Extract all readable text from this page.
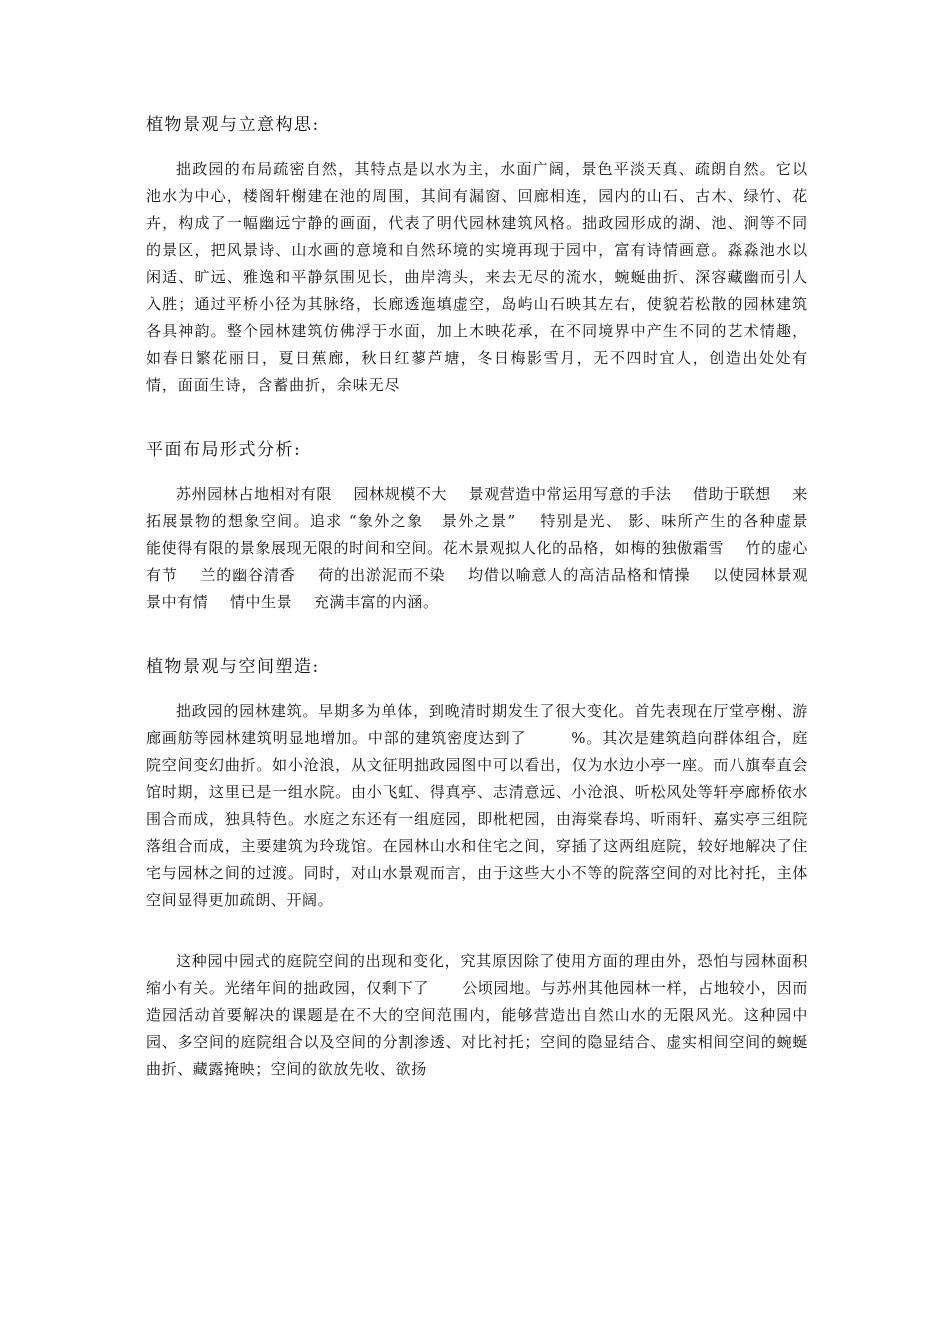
植物景观与立意构思:

拙政园的布局疏密自然，其特点是以水为主，水面广阔，景色平淡天真、疏朗自然。它以池水为中心，楼阁轩榭建在池的周围，其间有漏窗、回廊相连，园内的山石、古木、绿竹、花卉，构成了一幅幽远宁静的画面，代表了明代园林建筑风格。拙政园形成的湖、池、涧等不同的景区，把风景诗、山水画的意境和自然环境的实境再现于园中，富有诗情画意。淼淼池水以闲适、旷远、雅逸和平静氛围见长，曲岸湾头，来去无尽的流水，蜿蜒曲折、深容藏幽而引人入胜；通过平桥小径为其脉络，长廊透迤填虚空，岛屿山石映其左右，使貌若松散的园林建筑各具神韵。整个园林建筑仿佛浮于水面，加上木映花承，在不同境界中产生不同的艺术情趣，如春日繁花丽日，夏日蕉廊，秋日红蓼芦塘，冬日梅影雪月，无不四时宜人，创造出处处有情，面面生诗，含蓄曲折，余味无尽

平面布局形式分析:

苏州园林占地相对有限    园林规模不大    景观营造中常运用写意的手法    借助于联想    来拓展景物的想象空间。追求 “象外之象   景外之景”    特别是光、 影、味所产生的各种虚景    能使得有限的景象展现无限的时间和空间。花木景观拟人化的品格，如梅的独傲霜雪    竹的虚心有节    兰的幽谷清香    荷的出淤泥而不染    均借以喻意人的高洁品格和情操    以使园林景观景中有情    情中生景    充满丰富的内涵。

植物景观与空间塑造:

拙政园的园林建筑。早期多为单体，到晚清时期发生了很大变化。首先表现在厅堂亭榭、游廊画舫等园林建筑明显地增加。中部的建筑密度达到了        %。其次是建筑趋向群体组合，庭院空间变幻曲折。如小沧浪，从文征明拙政园图中可以看出，仅为水边小亭一座。而八旗奉直会馆时期，这里已是一组水院。由小飞虹、得真亭、志清意远、小沧浪、听松风处等轩亭廊桥依水围合而成，独具特色。水庭之东还有一组庭园，即枇杷园，由海棠春坞、听雨轩、嘉实亭三组院落组合而成，主要建筑为玲珑馆。在园林山水和住宅之间，穿插了这两组庭院，较好地解决了住宅与园林之间的过渡。同时，对山水景观而言，由于这些大小不等的院落空间的对比衬托，主体空间显得更加疏朗、开阔。

这种园中园式的庭院空间的出现和变化，究其原因除了使用方面的理由外，恐怕与园林面积缩小有关。光绪年间的拙政园，仅剩下了      公顷园地。与苏州其他园林一样，占地较小，因而造园活动首要解决的课题是在不大的空间范围内，能够营造出自然山水的无限风光。这种园中园、多空间的庭院组合以及空间的分割渗透、对比衬托；空间的隐显结合、虚实相间空间的蜿蜒曲折、藏露掩映；空间的欲放先收、欲扬
